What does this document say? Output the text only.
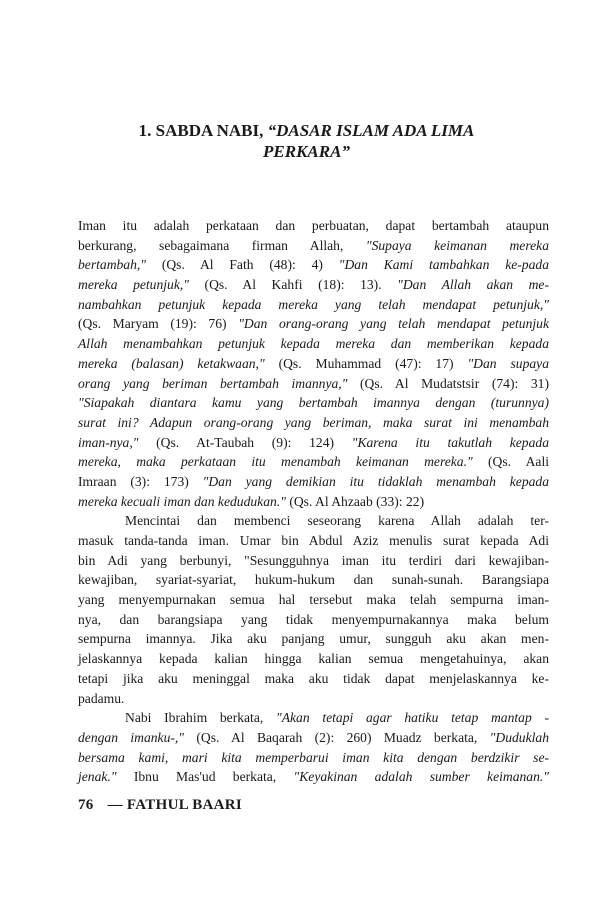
1. SABDA NABI, “DASAR ISLAM ADA LIMA
PERKARA”
Iman itu adalah perkataan dan perbuatan, dapat bertambah ataupun
berkurang, sebagaimana firman Allah, "Supaya keimanan mereka
bertambah," (Qs. Al Fath (48): 4) "Dan Kami tambahkan ke-pada
mereka petunjuk," (Qs. Al Kahfi (18): 13). "Dan Allah akan me-
nambahkan petunjuk kepada mereka yang telah mendapat petunjuk,"
(Qs. Maryam (19): 76) "Dan orang-orang yang telah mendapat petunjuk
Allah menambahkan petunjuk kepada mereka dan memberikan kepada
mereka (balasan) ketakwaan," (Qs. Muhammad (47): 17) "Dan supaya
orang yang beriman bertambah imannya," (Qs. Al Mudatstsir (74): 31)
"Siapakah diantara kamu yang bertambah imannya dengan (turunnya)
surat ini? Adapun orang-orang yang beriman, maka surat ini menambah
iman-nya," (Qs. At-Taubah (9): 124) "Karena itu takutlah kepada
mereka, maka perkataan itu menambah keimanan mereka." (Qs. Aali
Imraan (3): 173) "Dan yang demikian itu tidaklah menambah kepada
mereka kecuali iman dan kedudukan." (Qs. Al Ahzaab (33): 22)
Mencintai dan membenci seseorang karena Allah adalah ter-
masuk tanda-tanda iman. Umar bin Abdul Aziz menulis surat kepada Adi
bin Adi yang berbunyi, "Sesungguhnya iman itu terdiri dari kewajiban-
kewajiban, syariat-syariat, hukum-hukum dan sunah-sunah. Barangsiapa
yang menyempurnakan semua hal tersebut maka telah sempurna iman-
nya, dan barangsiapa yang tidak menyempurnakannya maka belum
sempurna imannya. Jika aku panjang umur, sungguh aku akan men-
jelaskannya kepada kalian hingga kalian semua mengetahuinya, akan
tetapi jika aku meninggal maka aku tidak dapat menjelaskannya ke-
padamu.
Nabi Ibrahim berkata, "Akan tetapi agar hatiku tetap mantap -
dengan imanku-," (Qs. Al Baqarah (2): 260) Muadz berkata, "Duduklah
bersama kami, mari kita memperbarui iman kita dengan berdzikir se-
jenak." Ibnu Mas'ud berkata, "Keyakinan adalah sumber keimanan."
76 — FATHUL BAARI
